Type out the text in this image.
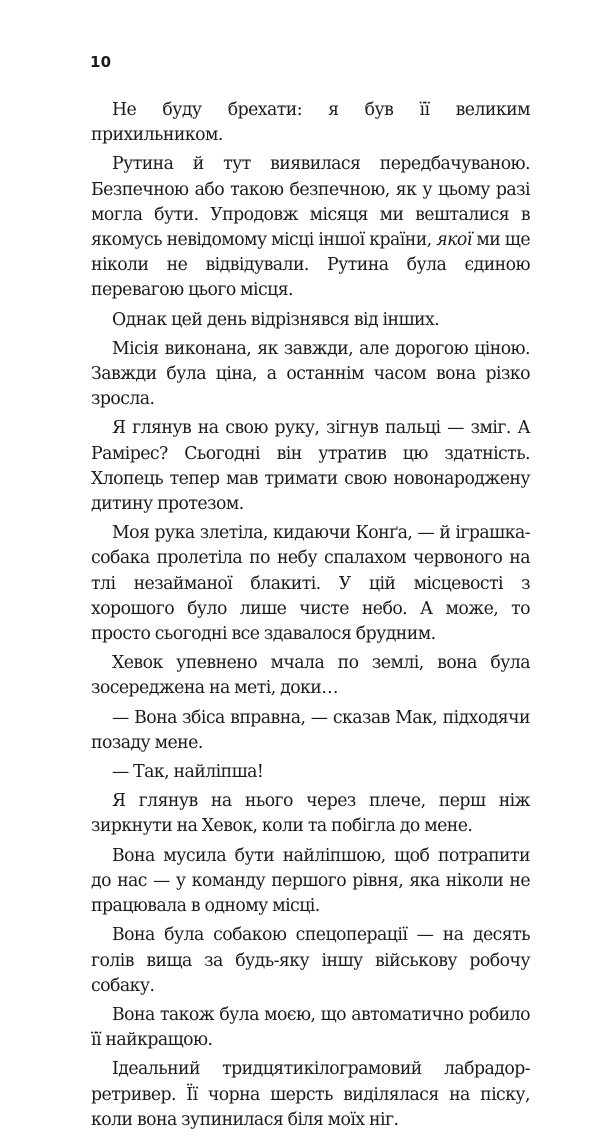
10

Не буду брехати: я був її великим прихильником.

Рутина й тут виявилася передбачуваною. Безпечною або такою безпечною, як у цьому разі могла бути. Упродовж місяця ми вешталися в якомусь невідомому місці іншої країни, якої ми ще ніколи не відвідували. Рутина була єдиною перевагою цього місця.

Однак цей день відрізнявся від інших.

Місія виконана, як завжди, але дорогою ціною. Завжди була ціна, а останнім часом вона різко зросла.

Я глянув на свою руку, зігнув пальці — зміг. А Рамірес? Сьогодні він утратив цю здатність. Хлопець тепер мав тримати свою новонароджену дитину протезом.

Моя рука злетіла, кидаючи Конґа, — й іграшка-собака пролетіла по небу спалахом червоного на тлі незайманої блакиті. У цій місцевості з хорошого було лише чисте небо. А може, то просто сьогодні все здавалося брудним.

Хевок упевнено мчала по землі, вона була зосереджена на меті, доки…

— Вона збіса вправна, — сказав Мак, підходячи позаду мене.

— Так, найліпша!

Я глянув на нього через плече, перш ніж зиркнути на Хевок, коли та побігла до мене.

Вона мусила бути найліпшою, щоб потрапити до нас — у команду першого рівня, яка ніколи не працювала в одному місці.

Вона була собакою спецоперації — на десять голів вища за будь-яку іншу військову робочу собаку.

Вона також була моєю, що автоматично робило її найкращою.

Ідеальний тридцятикілограмовий лабрадор-ретривер. Її чорна шерсть виділялася на піску, коли вона зупинилася біля моїх ніг.
